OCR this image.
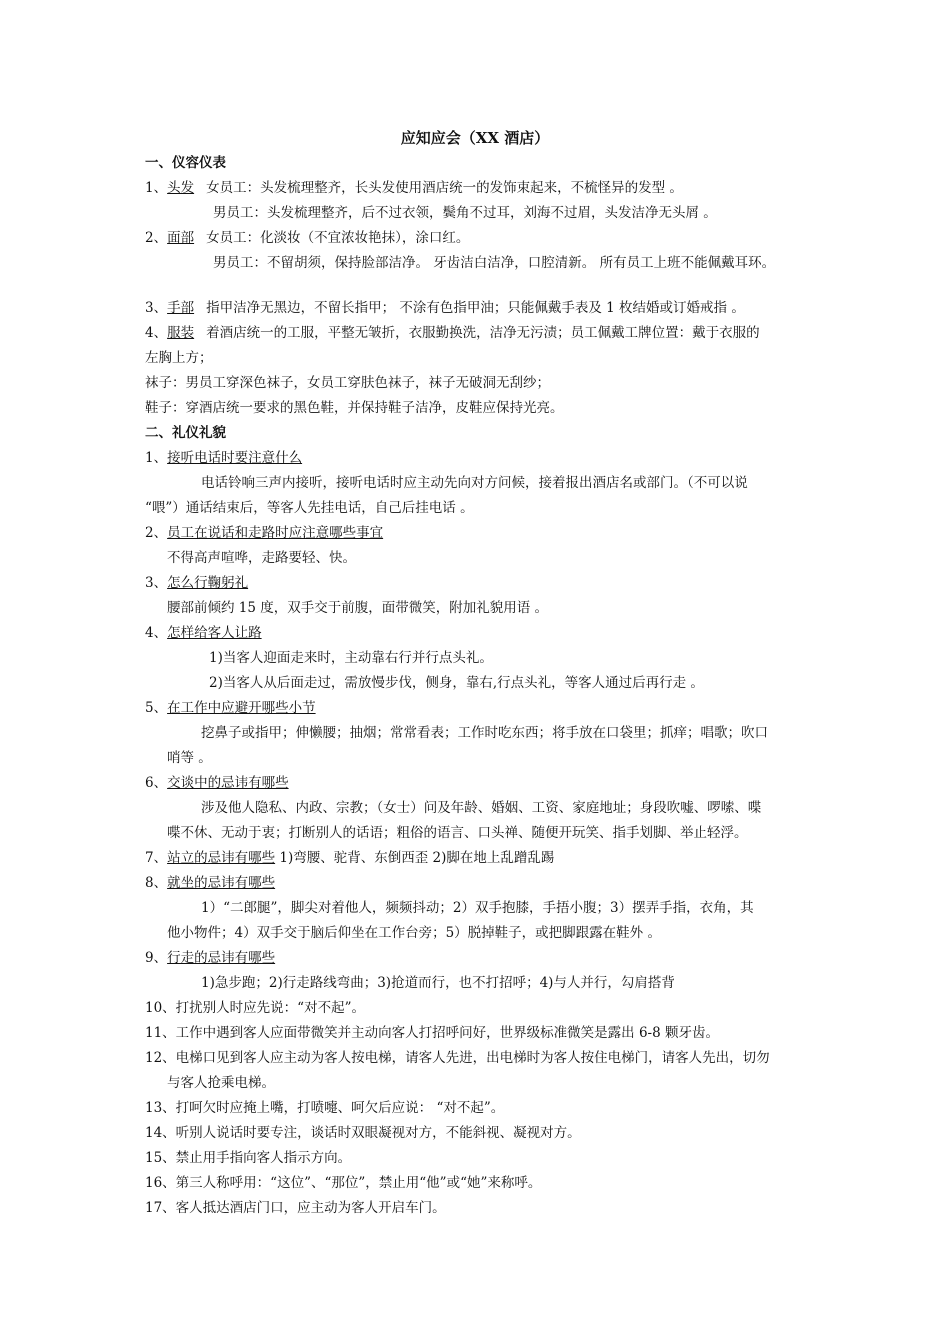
应知应会（XX 酒店）
一、仪容仪表
1、头发 女员工：头发梳理整齐，长头发使用酒店统一的发饰束起来，不梳怪异的发型 。
男员工：头发梳理整齐，后不过衣领，鬓角不过耳，刘海不过眉，头发洁净无头屑 。
2、面部 女员工：化淡妆（不宜浓妆艳抹），涂口红。
男员工：不留胡须，保持脸部洁净。 牙齿洁白洁净，口腔清新。 所有员工上班不能佩戴耳环。
3、手部 指甲洁净无黑边，不留长指甲； 不涂有色指甲油；只能佩戴手表及 1 枚结婚或订婚戒指 。
4、服装 着酒店统一的工服，平整无皱折，衣服勤换洗，洁净无污渍；员工佩戴工牌位置：戴于衣服的
左胸上方；
袜子：男员工穿深色袜子，女员工穿肤色袜子，袜子无破洞无刮纱；
鞋子：穿酒店统一要求的黑色鞋，并保持鞋子洁净，皮鞋应保持光亮。
二、礼仪礼貌
1、接听电话时要注意什么
电话铃响三声内接听，接听电话时应主动先向对方问候，接着报出酒店名或部门。（不可以说
“喂”）通话结束后，等客人先挂电话，自己后挂电话 。
2、员工在说话和走路时应注意哪些事宜
不得高声喧哗，走路要轻、快。
3、怎么行鞠躬礼
腰部前倾约 15 度，双手交于前腹，面带微笑，附加礼貌用语 。
4、怎样给客人让路
1)当客人迎面走来时，主动靠右行并行点头礼。
2)当客人从后面走过，需放慢步伐，侧身，靠右,行点头礼，等客人通过后再行走 。
5、在工作中应避开哪些小节
挖鼻子或指甲；伸懒腰；抽烟；常常看表；工作时吃东西；将手放在口袋里；抓痒；唱歌；吹口
哨等 。
6、交谈中的忌讳有哪些
涉及他人隐私、内政、宗教；（女士）问及年龄、婚姻、工资、家庭地址；身段吹嘘、啰嗦、喋
喋不休、无动于衷；打断别人的话语；粗俗的语言、口头禅、随便开玩笑、指手划脚、举止轻浮。
7、站立的忌讳有哪些 1)弯腰、驼背、东倒西歪 2)脚在地上乱蹭乱踢
8、就坐的忌讳有哪些
1）“二郎腿”，脚尖对着他人，频频抖动；2）双手抱膝，手捂小腹；3）摆弄手指，衣角，其
他小物件；4）双手交于脑后仰坐在工作台旁；5）脱掉鞋子，或把脚跟露在鞋外 。
9、行走的忌讳有哪些
1)急步跑；2)行走路线弯曲；3)抢道而行，也不打招呼；4)与人并行，勾肩搭背
10、打扰别人时应先说：“对不起”。
11、工作中遇到客人应面带微笑并主动向客人打招呼问好，世界级标准微笑是露出 6-8 颗牙齿。
12、电梯口见到客人应主动为客人按电梯，请客人先进，出电梯时为客人按住电梯门，请客人先出，切勿
与客人抢乘电梯。
13、打呵欠时应掩上嘴，打喷嚏、呵欠后应说： “对不起”。
14、听别人说话时要专注，谈话时双眼凝视对方，不能斜视、凝视对方。
15、禁止用手指向客人指示方向。
16、第三人称呼用：“这位”、“那位”，禁止用“他”或“她”来称呼。
17、客人抵达酒店门口，应主动为客人开启车门。
